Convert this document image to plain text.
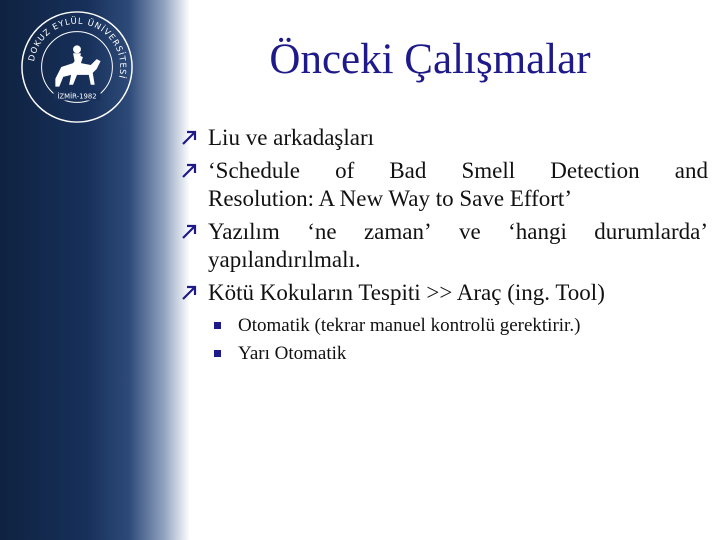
İZMİR-1982
DOKUZ EYLÜL ÜNİVERSİTESİ	Önceki Çalışmalar
Liu ve arkadaşları
‘Schedule of Bad Smell Detection and
Resolution: A New Way to Save Effort’
Yazılım ‘ne zaman’ ve ‘hangi durumlarda’
yapılandırılmalı.
Kötü Kokuların Tespiti >> Araç (ing. Tool)
Otomatik (tekrar manuel kontrolü gerektirir.)
Yarı Otomatik
